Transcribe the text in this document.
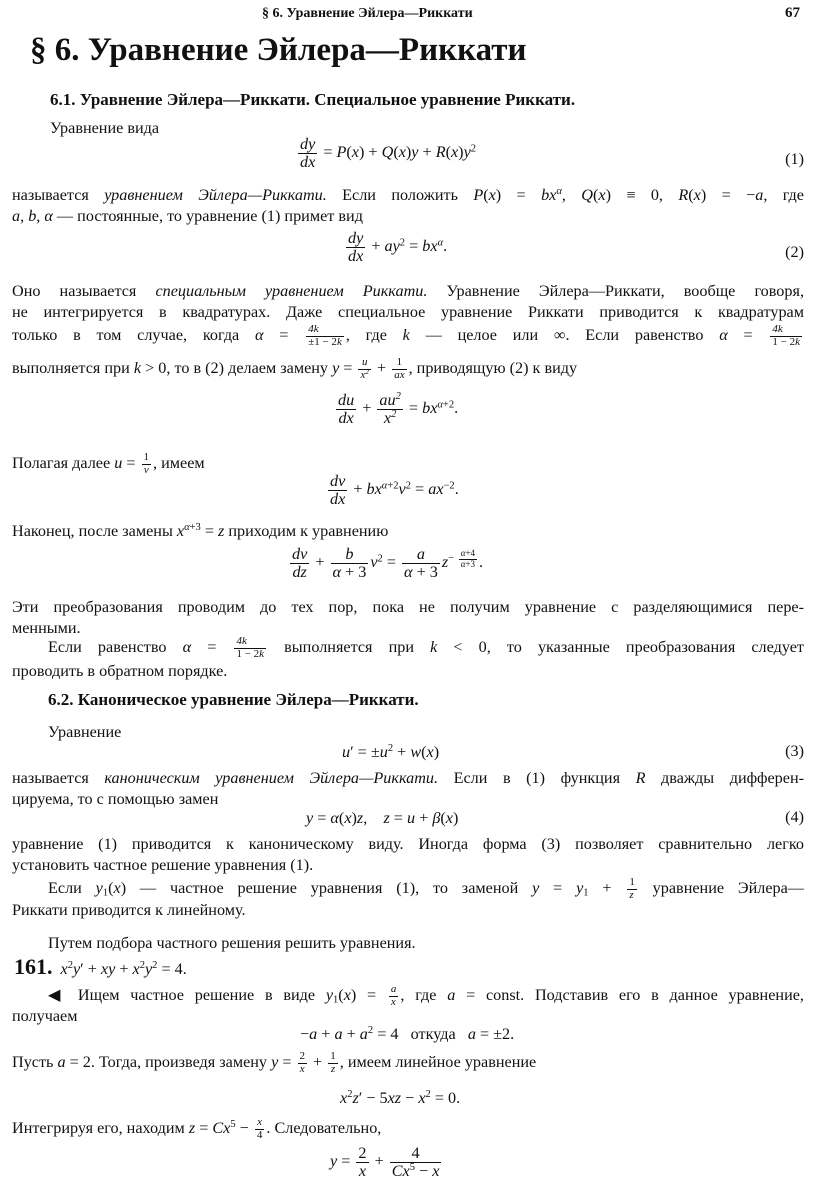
§ 6. Уравнение Эйлера—Риккати	67
§ 6. Уравнение Эйлера—Риккати
6.1. Уравнение Эйлера—Риккати. Специальное уравнение Риккати.
Уравнение вида
$\frac{dy}{dx} = P(x) + Q(x)y + R(x)y^2$
(1)
называется уравнением Эйлера—Риккати. Если положить $P(x) = bx^\alpha$, Q(x) ≡ 0, R(x) = −a, где
a, b, α — постоянные, то уравнение (1) примет вид
$\frac{dy}{dx} + ay^2 = bx^\alpha$.	(2)
Оно называется специальным уравнением Риккати. Уравнение Эйлера—Риккати, вообще говоря,
не интегрируется в квадратурах. Даже специальное уравнение Риккати приводится к квадратурам
только в том случае, когда $\alpha = \frac{4k}{\pm 1 - 2k}$ , где k — целое или ∞. Если равенство $\alpha = \frac{4k}{1 - 2k}$
выполняется при k > 0, то в (2) делаем замену $y = \frac{u}{x^2} + \frac{1}{ax}$ , приводящую (2) к виду
$\frac{du}{dx} + \frac{au^2}{x^2} = bx^{\alpha+2}$.
Полагая далее $u = \frac{1}{v}$ , имеем
$\frac{dv}{dx} + bx^{\alpha+2}v^2 = ax^{-2}$.
Наконец, после замены $x^{\alpha+3} = z$ приходим к уравнению
$\frac{dv}{dz} + \frac{b}{\alpha + 3} v^2 = \frac{a}{\alpha + 3} z^{- \frac{\alpha+4}{\alpha+3}}$ .
Эти преобразования проводим до тех пор, пока не получим уравнение с разделяющимися пере-
менными.
Если равенство $\alpha = \frac{4k}{1 - 2k}$ выполняется при k < 0, то указанные преобразования следует
проводить в обратном порядке.
6.2. Каноническое уравнение Эйлера—Риккати.
Уравнение
$u' = \pm u^2 + w(x)$	(3)
называется каноническим уравнением Эйлера—Риккати. Если в (1) функция R дважды дифферен-
цируема, то с помощью замен
y = α(x)z,    z = u + β(x)	(4)
уравнение (1) приводится к каноническому виду. Иногда форма (3) позволяет сравнительно легко
установить частное решение уравнения (1).
Если $y_1(x)$ — частное решение уравнения (1), то заменой $y = y_1 + \frac{1}{z}$ уравнение Эйлера—
Риккати приводится к линейному.
Путем подбора частного решения решить уравнения.
161. $x^2y'$ + xy + $x^2y^2 = 4$.
◀ Ищем частное решение в виде $y_1(x) = \frac{a}{x}$ , где a = const. Подставив его в данное уравнение,
получаем
$-a + a + a^2 = 4$   откуда a = ±2.
Пусть a = 2. Тогда, произведя замену $y = \frac{2}{x} + \frac{1}{z}$ , имеем линейное уравнение
$x^2z' - 5xz - x^2 = 0$.
Интегрируя его, находим $z = Cx^5 - \frac{x}{4}$ . Следовательно,
$y = \frac{2}{x} + \frac{4}{Cx^5 - x}$
